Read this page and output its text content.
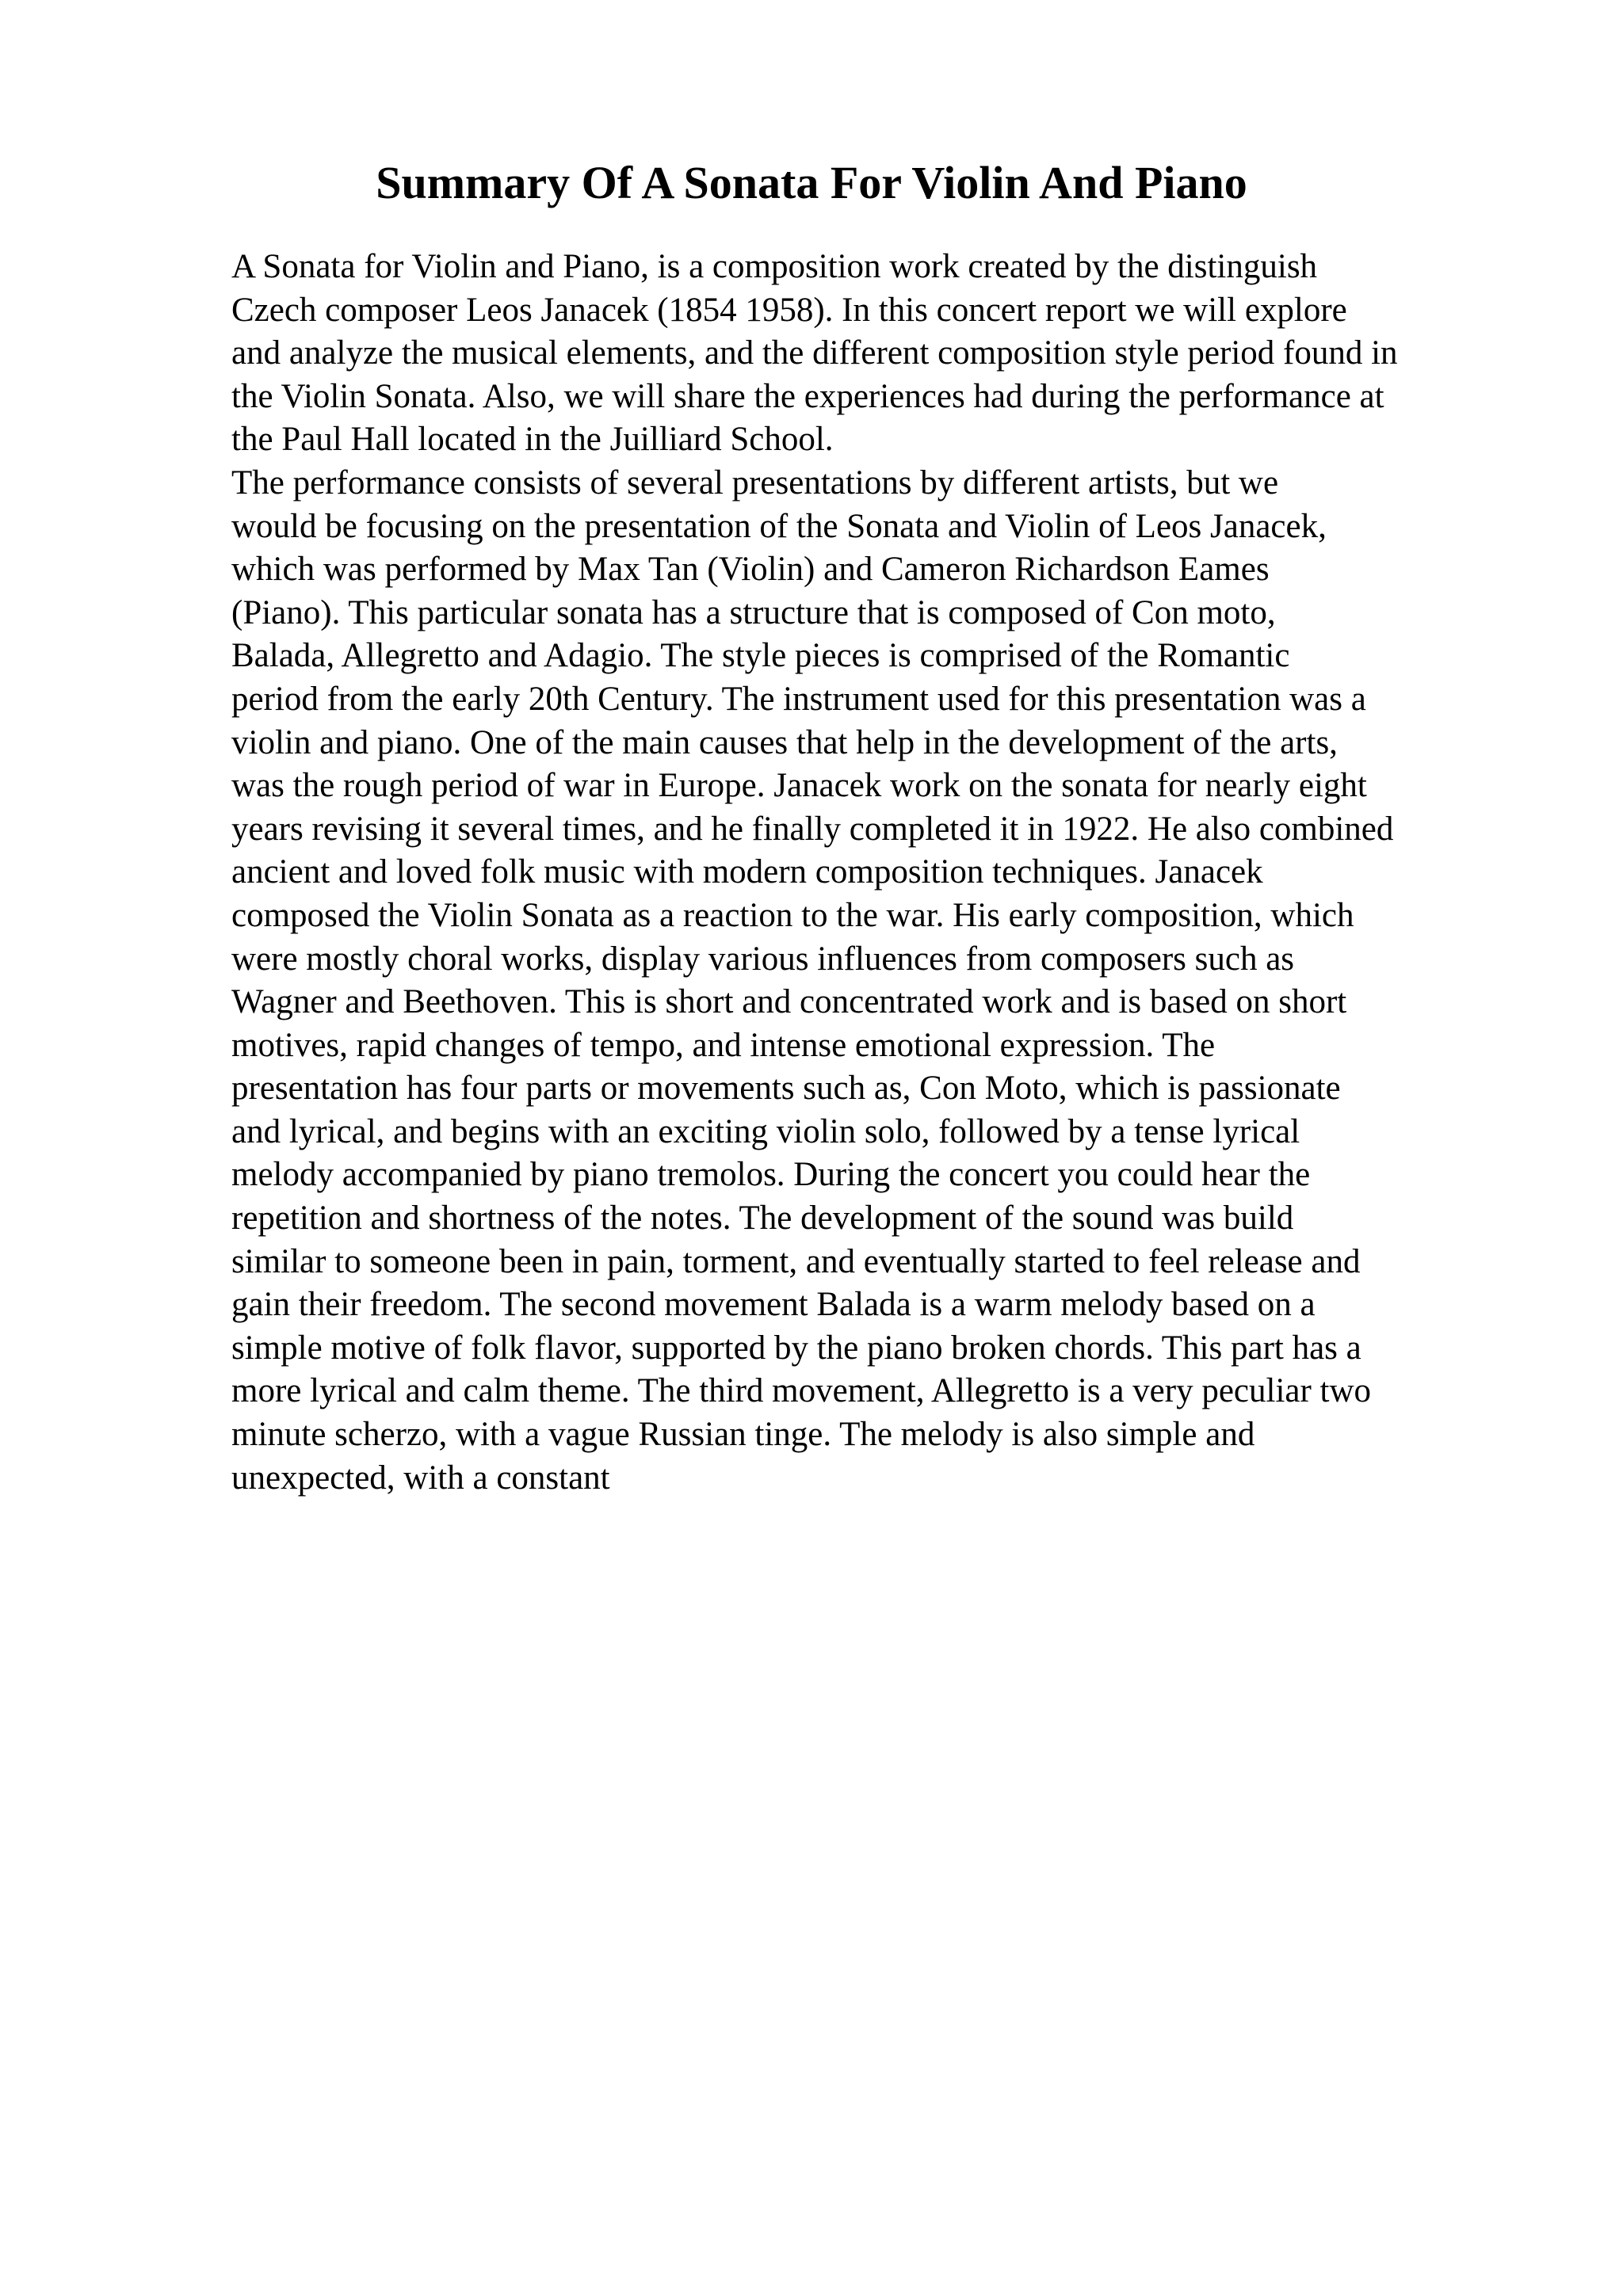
Summary Of A Sonata For Violin And Piano
A Sonata for Violin and Piano, is a composition work created by the distinguish
Czech composer Leos Janacek (1854 1958). In this concert report we will explore
and analyze the musical elements, and the different composition style period found in
the Violin Sonata. Also, we will share the experiences had during the performance at
the Paul Hall located in the Juilliard School.
The performance consists of several presentations by different artists, but we
would be focusing on the presentation of the Sonata and Violin of Leos Janacek,
which was performed by Max Tan (Violin) and Cameron Richardson Eames
(Piano). This particular sonata has a structure that is composed of Con moto,
Balada, Allegretto and Adagio. The style pieces is comprised of the Romantic
period from the early 20th Century. The instrument used for this presentation was a
violin and piano. One of the main causes that help in the development of the arts,
was the rough period of war in Europe. Janacek work on the sonata for nearly eight
years revising it several times, and he finally completed it in 1922. He also combined
ancient and loved folk music with modern composition techniques. Janacek
composed the Violin Sonata as a reaction to the war. His early composition, which
were mostly choral works, display various influences from composers such as
Wagner and Beethoven. This is short and concentrated work and is based on short
motives, rapid changes of tempo, and intense emotional expression. The
presentation has four parts or movements such as, Con Moto, which is passionate
and lyrical, and begins with an exciting violin solo, followed by a tense lyrical
melody accompanied by piano tremolos. During the concert you could hear the
repetition and shortness of the notes. The development of the sound was build
similar to someone been in pain, torment, and eventually started to feel release and
gain their freedom. The second movement Balada is a warm melody based on a
simple motive of folk flavor, supported by the piano broken chords. This part has a
more lyrical and calm theme. The third movement, Allegretto is a very peculiar two
minute scherzo, with a vague Russian tinge. The melody is also simple and
unexpected, with a constant
